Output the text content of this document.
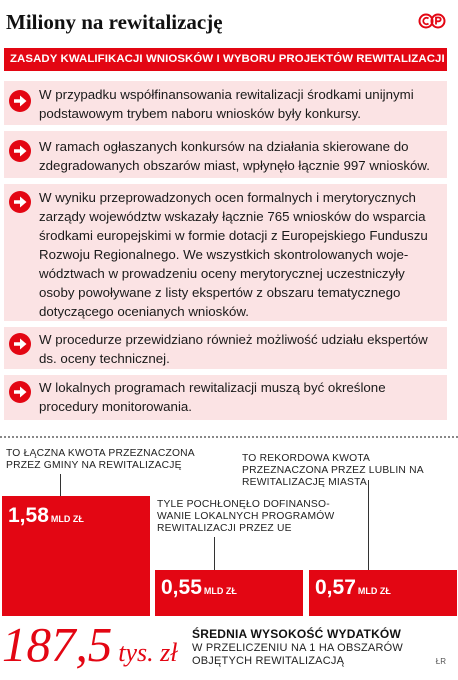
Miliony na rewitalizację
ZASADY KWALIFIKACJI WNIOSKÓW I WYBORU PROJEKTÓW REWITALIZACJI
W przypadku współfinansowania rewitalizacji środkami unijnymi podstawowym trybem naboru wniosków były konkursy.
W ramach ogłaszanych konkursów na działania skierowane do zdegradowanych obszarów miast, wpłynęło łącznie 997 wniosków.
W wyniku przeprowadzonych ocen formalnych i merytorycznych zarządy województw wskazały łącznie 765 wniosków do wsparcia środkami europejskimi w formie dotacji z Europejskiego Funduszu Rozwoju Regionalnego. We wszystkich skontrolowanych woje-wództwach w prowadzeniu oceny merytorycznej uczestniczyły osoby powoływane z listy ekspertów z obszaru tematycznego dotyczącego ocenianych wniosków.
W procedurze przewidziano również możliwość udziału ekspertów ds. oceny technicznej.
W lokalnych programach rewitalizacji muszą być określone procedury monitorowania.
TO ŁĄCZNA KWOTA PRZEZNACZONA PRZEZ GMINY NA REWITALIZACJĘ
1,58 MLD ZŁ
TYLE POCHŁONĘŁO DOFINANSO-WANIE LOKALNYCH PROGRAMÓW REWITALIZACJI PRZEZ UE
0,55 MLD ZŁ
TO REKORDOWA KWOTA PRZEZNACZONA PRZEZ LUBLIN NA REWITALIZACJĘ MIASTA
0,57 MLD ZŁ
187,5 tys. zł
ŚREDNIA WYSOKOŚĆ WYDATKÓW
W PRZELICZENIU NA 1 HA OBSZARÓW OBJĘTYCH REWITALIZACJĄ	ŁR
